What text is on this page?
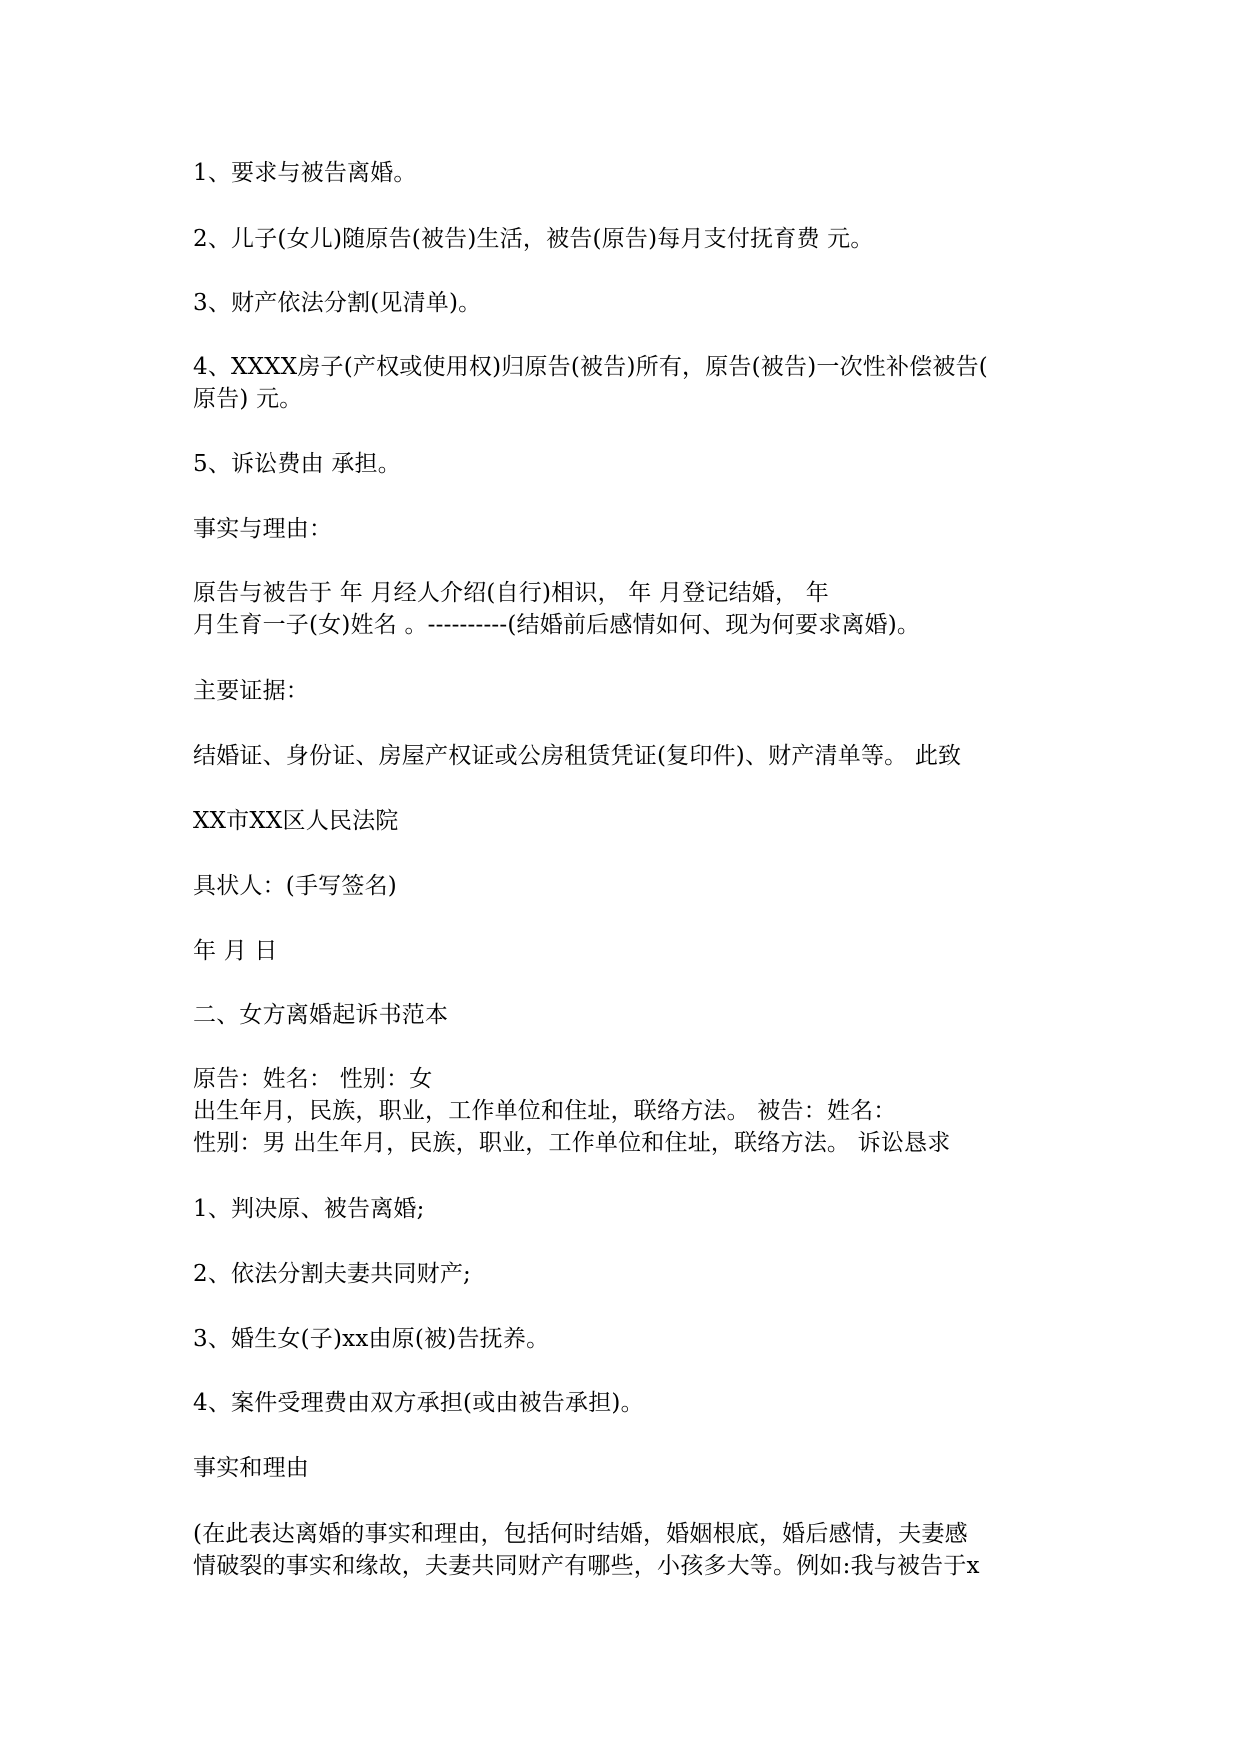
1、要求与被告离婚。
2、儿子(女儿)随原告(被告)生活，被告(原告)每月支付抚育费 元。
3、财产依法分割(见清单)。
4、XXXX房子(产权或使用权)归原告(被告)所有，原告(被告)一次性补偿被告(
原告) 元。
5、诉讼费由 承担。
事实与理由：
原告与被告于 年 月经人介绍(自行)相识， 年 月登记结婚， 年
月生育一子(女)姓名 。----------(结婚前后感情如何、现为何要求离婚)。
主要证据：
结婚证、身份证、房屋产权证或公房租赁凭证(复印件)、财产清单等。 此致
XX市XX区人民法院
具状人：(手写签名)
年 月 日
二、女方离婚起诉书范本
原告：姓名： 性别：女
出生年月，民族，职业，工作单位和住址，联络方法。 被告：姓名：
性别：男 出生年月，民族，职业，工作单位和住址，联络方法。 诉讼恳求
1、判决原、被告离婚;
2、依法分割夫妻共同财产;
3、婚生女(子)xx由原(被)告抚养。
4、案件受理费由双方承担(或由被告承担)。
事实和理由
(在此表达离婚的事实和理由，包括何时结婚，婚姻根底，婚后感情，夫妻感
情破裂的事实和缘故，夫妻共同财产有哪些，小孩多大等。例如:我与被告于x
